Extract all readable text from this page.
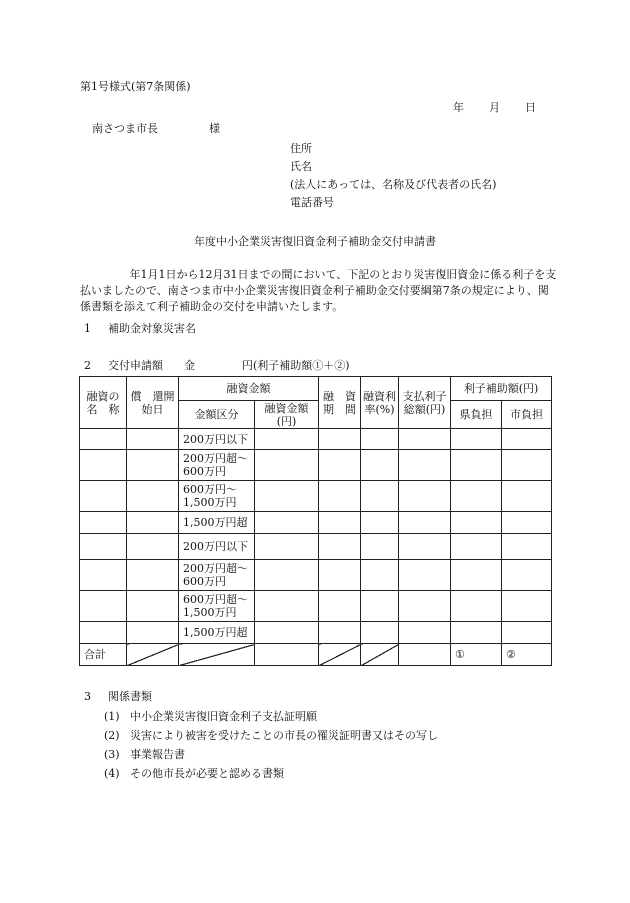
第1号様式(第7条関係)
年 月 日
南さつま市長	様
住所
氏名
(法人にあっては、名称及び代表者の氏名)
電話番号
年度中小企業災害復旧資金利子補助金交付申請書
年1月1日から12月31日までの間において、下記のとおり災害復旧資金に係る利子を支払いましたので、南さつま市中小企業災害復旧資金利子補助金交付要綱第7条の規定により、関係書類を添えて利子補助金の交付を申請いたします。
1 補助金対象災害名
2 交付申請額 金	円(利子補助額①＋②)
融資の名　称	償　還開始日	融資金額		融　資期　間	融資利率(%)	支払利子総額(円)	利子補助額(円)	
		金額区分	融資金額(円)				県負担	市負担
		200万円以下						
		200万円超～600万円						
		600万円～1,500万円						
		1,500万円超						
		200万円以下						
		200万円超～600万円						
		600万円超～1,500万円						
		1,500万円超						
合計							①	②
3 関係書類
(1) 中小企業災害復旧資金利子支払証明願
(2) 災害により被害を受けたことの市長の罹災証明書又はその写し
(3) 事業報告書
(4) その他市長が必要と認める書類
